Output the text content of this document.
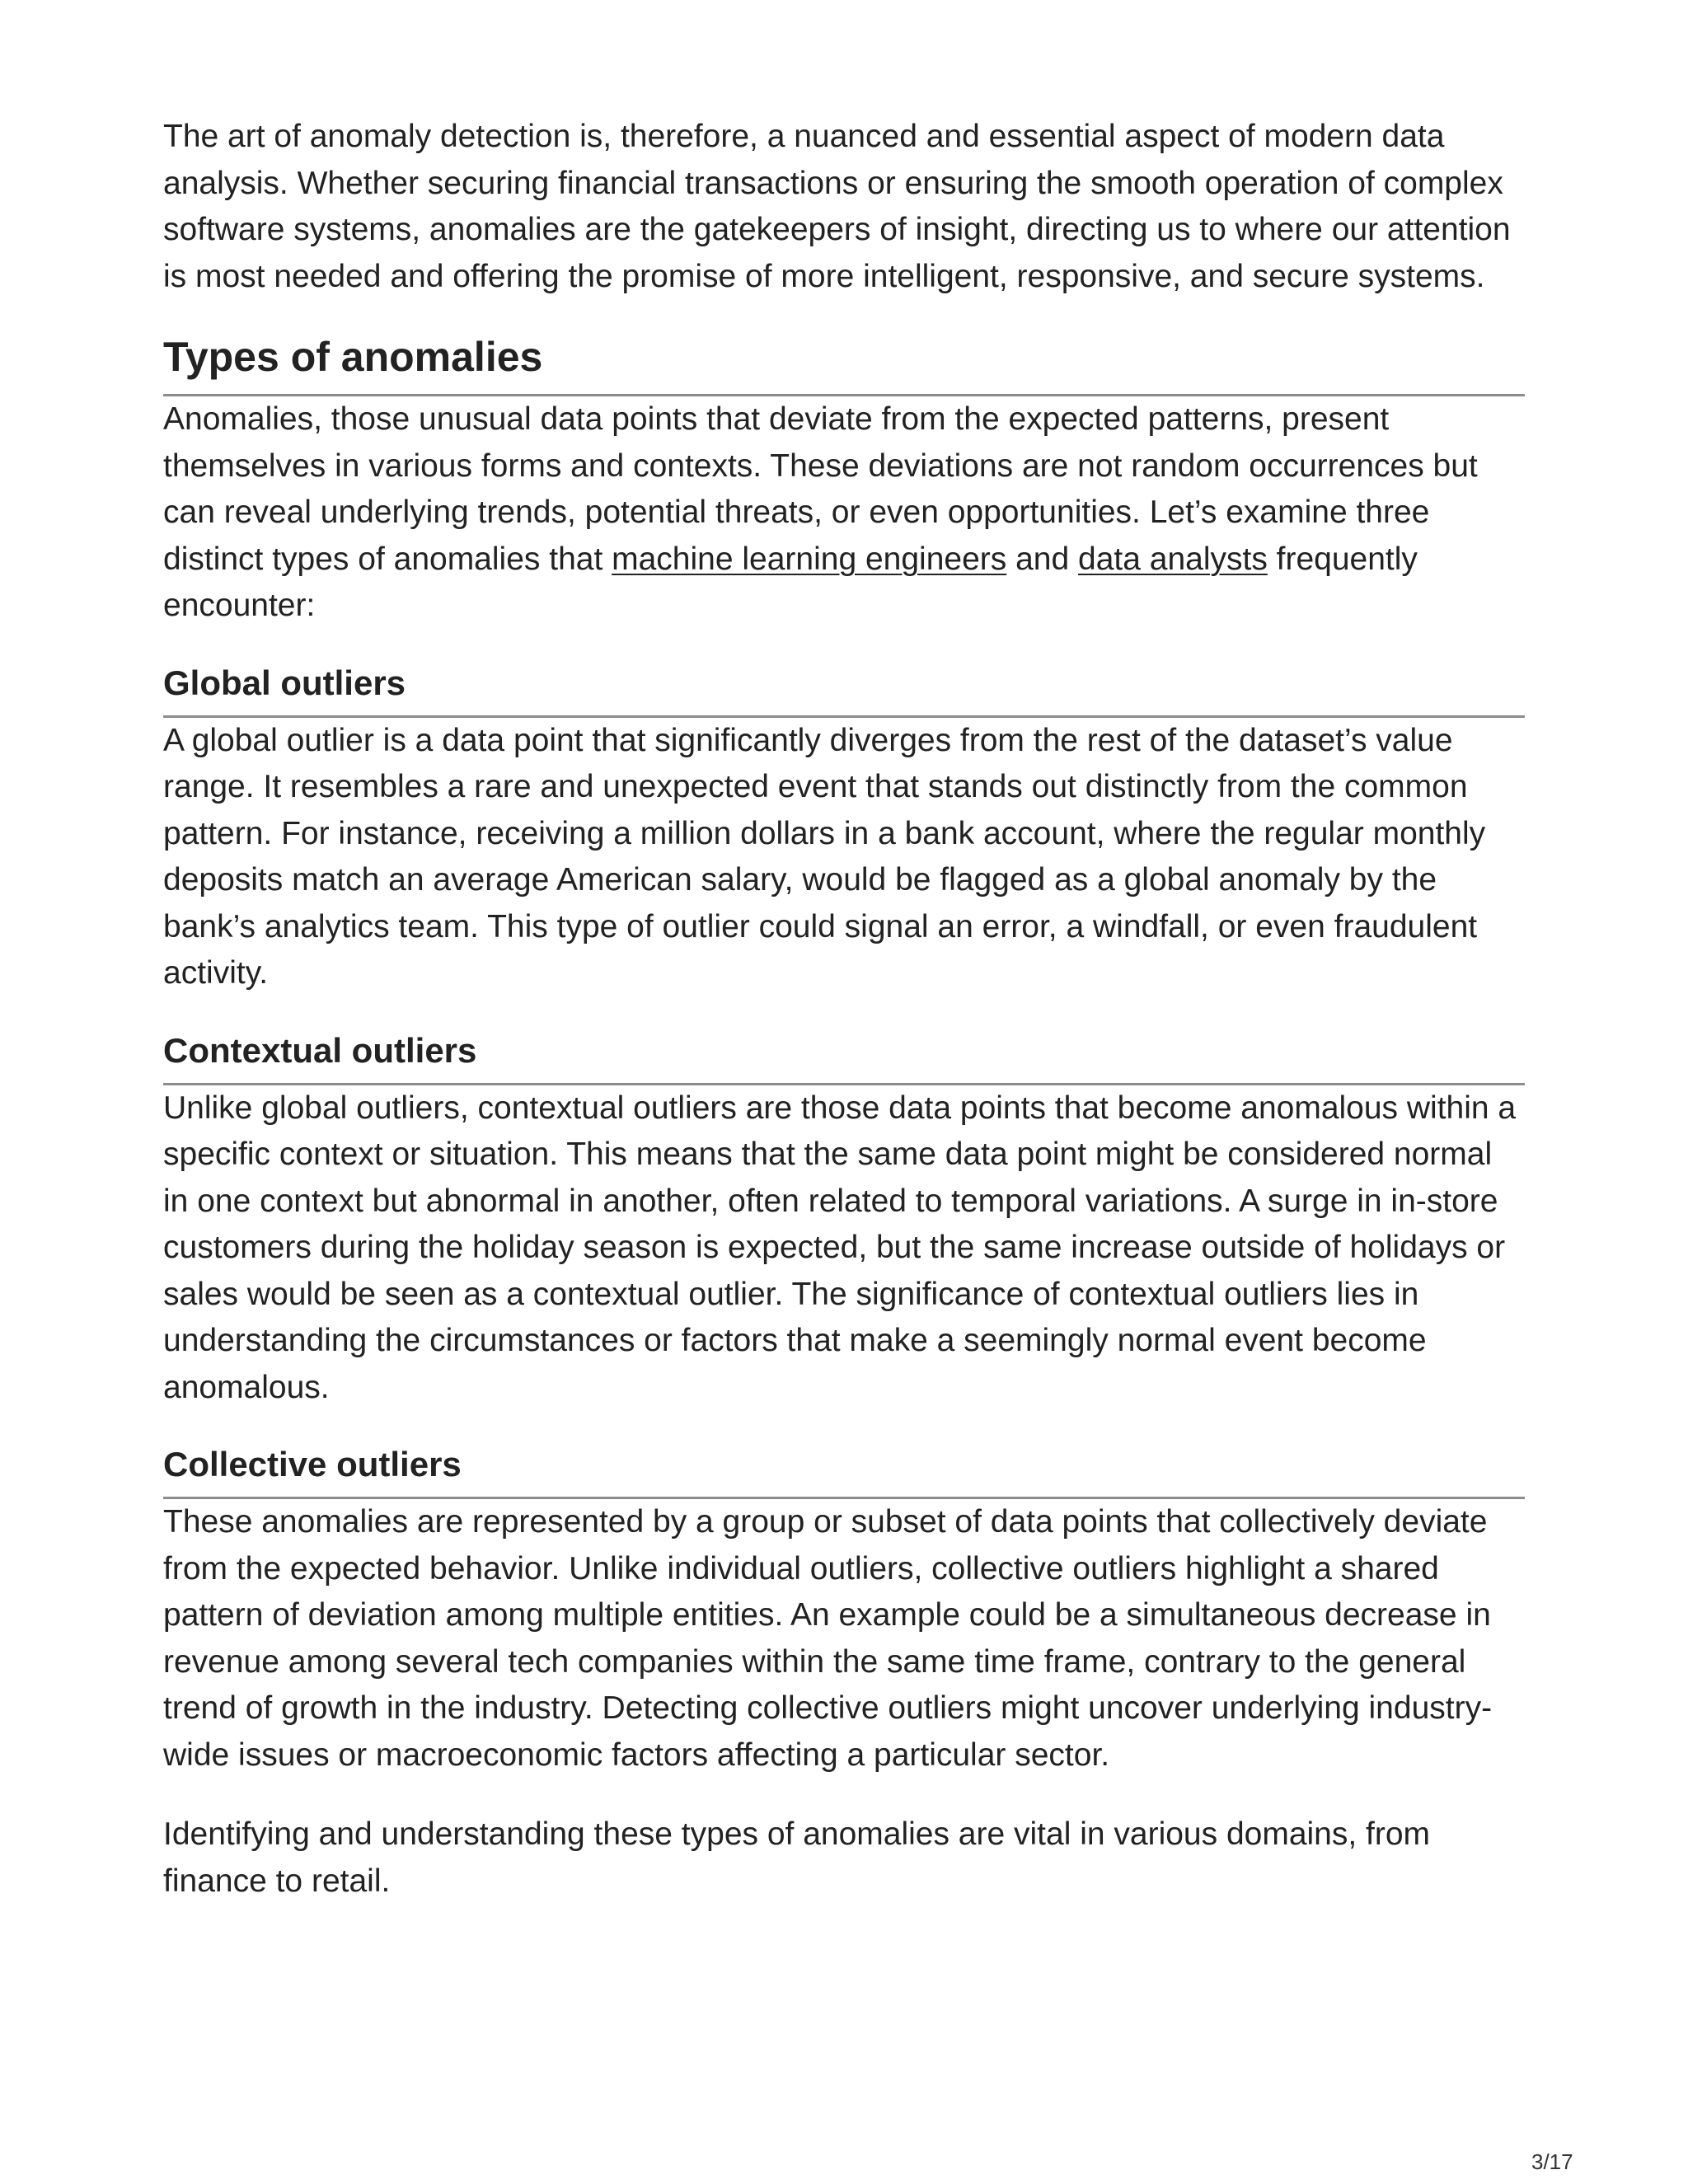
The art of anomaly detection is, therefore, a nuanced and essential aspect of modern data analysis. Whether securing financial transactions or ensuring the smooth operation of complex software systems, anomalies are the gatekeepers of insight, directing us to where our attention is most needed and offering the promise of more intelligent, responsive, and secure systems.

Types of anomalies

Anomalies, those unusual data points that deviate from the expected patterns, present themselves in various forms and contexts. These deviations are not random occurrences but can reveal underlying trends, potential threats, or even opportunities. Let’s examine three distinct types of anomalies that machine learning engineers and data analysts frequently encounter:

Global outliers

A global outlier is a data point that significantly diverges from the rest of the dataset’s value range. It resembles a rare and unexpected event that stands out distinctly from the common pattern. For instance, receiving a million dollars in a bank account, where the regular monthly deposits match an average American salary, would be flagged as a global anomaly by the bank’s analytics team. This type of outlier could signal an error, a windfall, or even fraudulent activity.

Contextual outliers

Unlike global outliers, contextual outliers are those data points that become anomalous within a specific context or situation. This means that the same data point might be considered normal in one context but abnormal in another, often related to temporal variations. A surge in in-store customers during the holiday season is expected, but the same increase outside of holidays or sales would be seen as a contextual outlier. The significance of contextual outliers lies in understanding the circumstances or factors that make a seemingly normal event become anomalous.

Collective outliers

These anomalies are represented by a group or subset of data points that collectively deviate from the expected behavior. Unlike individual outliers, collective outliers highlight a shared pattern of deviation among multiple entities. An example could be a simultaneous decrease in revenue among several tech companies within the same time frame, contrary to the general trend of growth in the industry. Detecting collective outliers might uncover underlying industry-wide issues or macroeconomic factors affecting a particular sector.

Identifying and understanding these types of anomalies are vital in various domains, from finance to retail.

3/17
